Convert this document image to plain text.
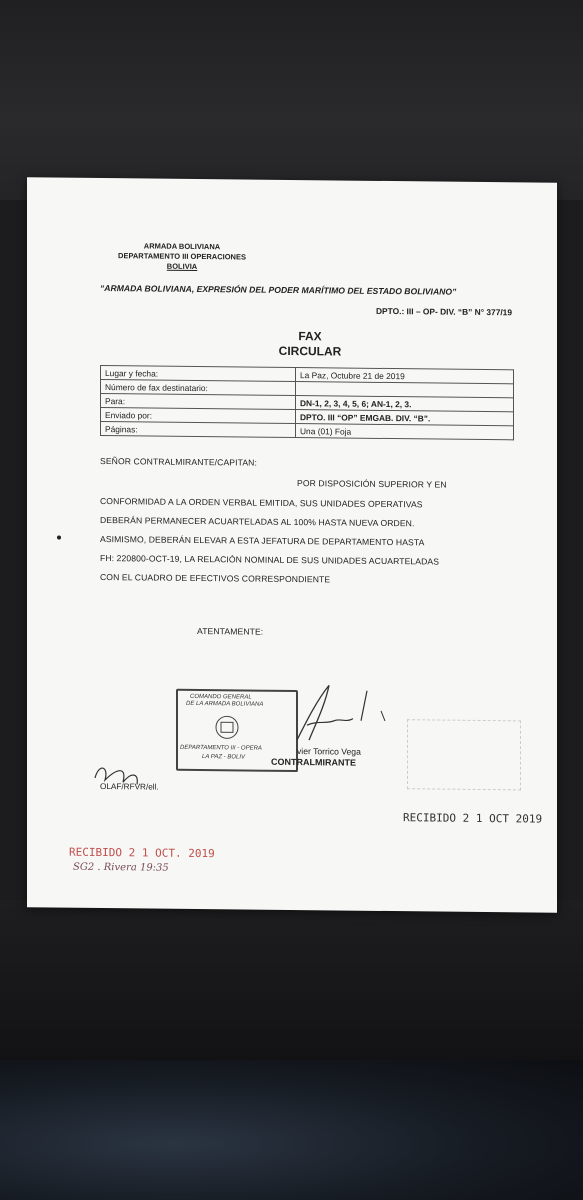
ARMADA BOLIVIANA
DEPARTAMENTO III OPERACIONES
BOLIVIA
“ARMADA BOLIVIANA, EXPRESIÓN DEL PODER MARÍTIMO DEL ESTADO BOLIVIANO”
DPTO.: III – OP- DIV. “B” N° 377/19
FAX
CIRCULAR
Lugar y fecha:	La Paz, Octubre 21 de 2019
Número de fax destinatario:	
Para:	DN-1, 2, 3, 4, 5, 6; AN-1, 2, 3.
Enviado por:	DPTO. III “OP” EMGAB. DIV. “B”.
Páginas:	Una (01) Foja
SEÑOR CONTRALMIRANTE/CAPITAN:
POR DISPOSICIÓN SUPERIOR Y EN
CONFORMIDAD A LA ORDEN VERBAL EMITIDA, SUS UNIDADES OPERATIVAS
DEBERÁN PERMANECER ACUARTELADAS AL 100% HASTA NUEVA ORDEN.
ASIMISMO, DEBERÁN ELEVAR A ESTA JEFATURA DE DEPARTAMENTO HASTA
FH: 220800-OCT-19, LA RELACIÓN NOMINAL DE SUS UNIDADES ACUARTELADAS
CON EL CUADRO DE EFECTIVOS CORRESPONDIENTE
ATENTAMENTE:
COMANDO GENERAL
DE LA ARMADA BOLIVIANA
DEPARTAMENTO III - OPERA
LA PAZ - BOLIV
vier Torrico Vega
CONTRALMIRANTE
OLAF/RFVR/ell.
RECIBIDO 2 1 OCT 2019
RECIBIDO 2 1 OCT. 2019
SG2 . Rivera 19:35
